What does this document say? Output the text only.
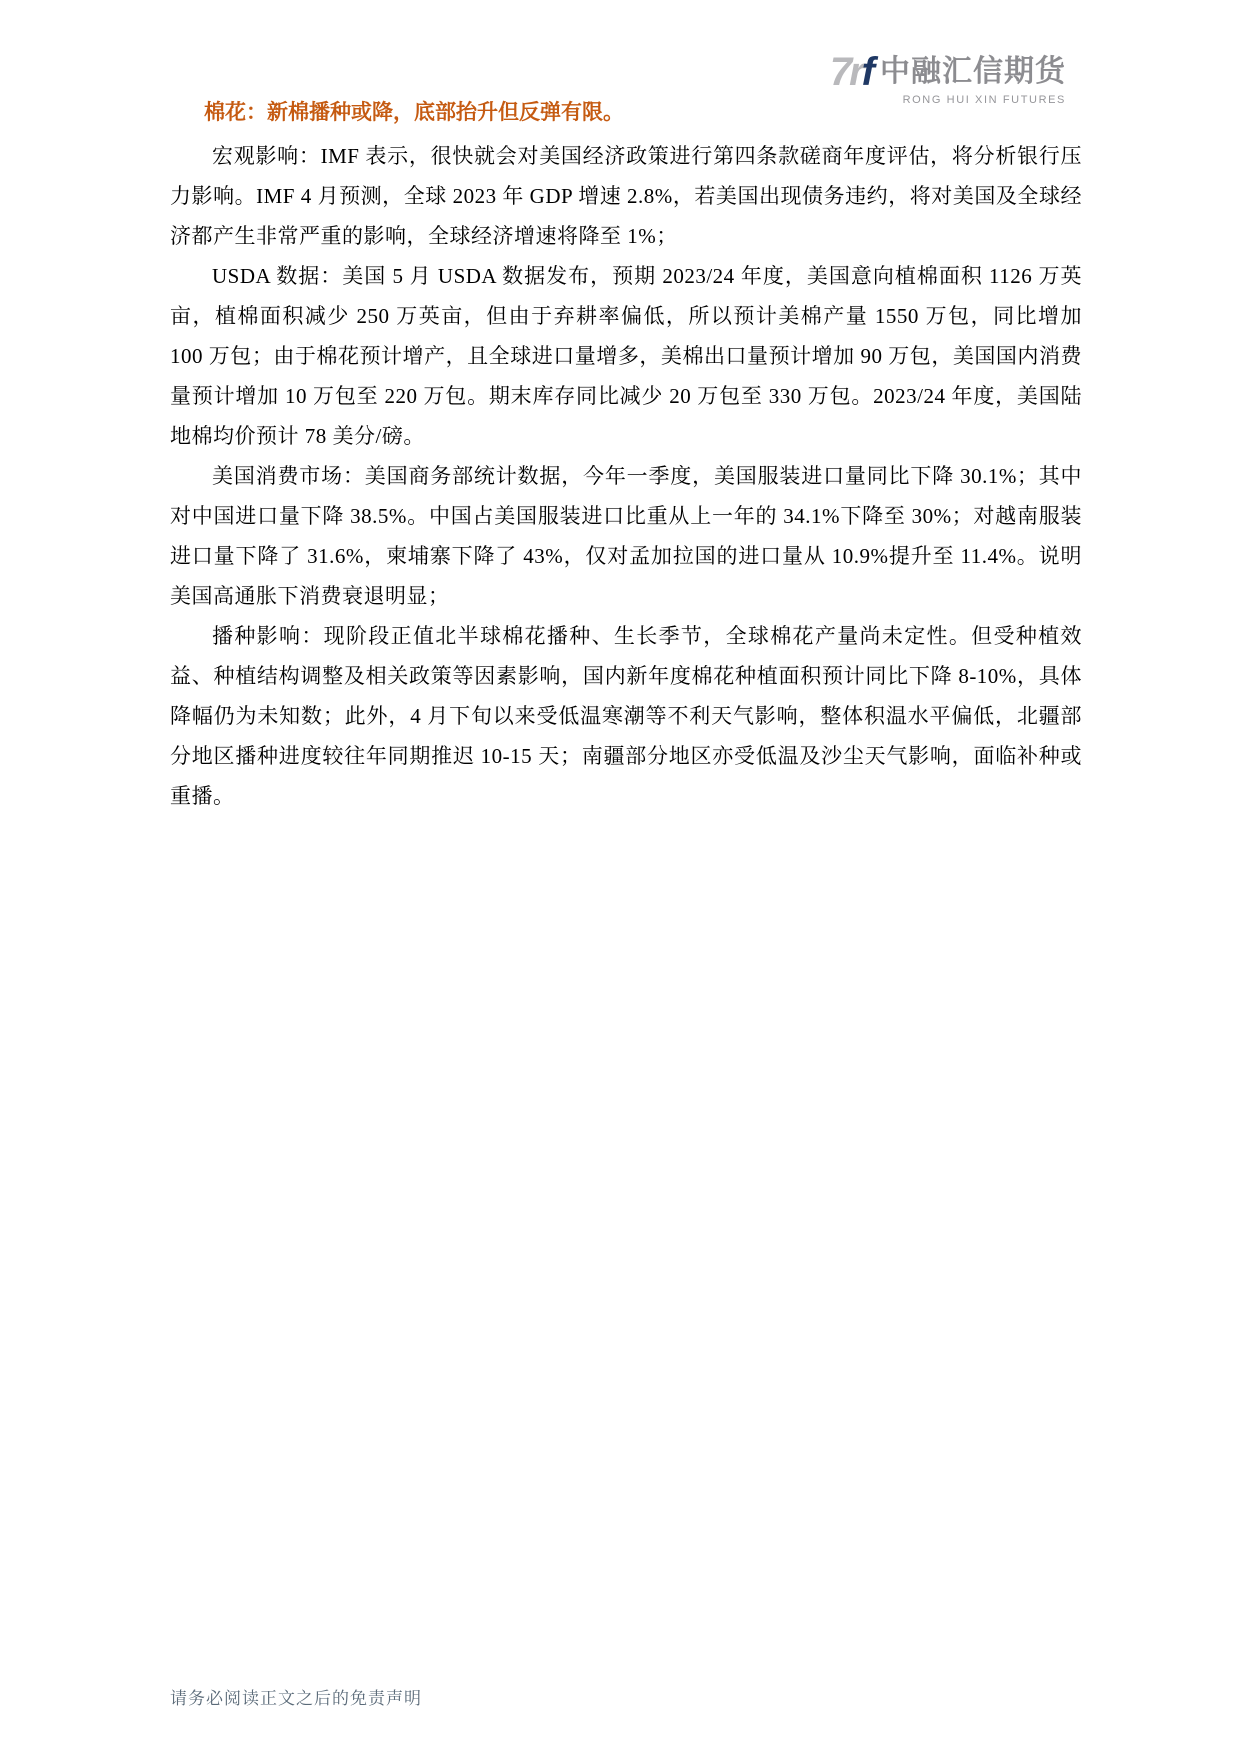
7rf 中融汇信期货
RONG HUI XIN FUTURES
棉花：新棉播种或降，底部抬升但反弹有限。

宏观影响：IMF 表示，很快就会对美国经济政策进行第四条款磋商年度评估，将分析银行压力影响。IMF 4 月预测，全球 2023 年 GDP 增速 2.8%，若美国出现债务违约，将对美国及全球经济都产生非常严重的影响，全球经济增速将降至 1%；

USDA 数据：美国 5 月 USDA 数据发布，预期 2023/24 年度，美国意向植棉面积 1126 万英亩，植棉面积减少 250 万英亩，但由于弃耕率偏低，所以预计美棉产量 1550 万包，同比增加 100 万包；由于棉花预计增产，且全球进口量增多，美棉出口量预计增加 90 万包，美国国内消费量预计增加 10 万包至 220 万包。期末库存同比减少 20 万包至 330 万包。2023/24 年度，美国陆地棉均价预计 78 美分/磅。

美国消费市场：美国商务部统计数据，今年一季度，美国服装进口量同比下降 30.1%；其中对中国进口量下降 38.5%。中国占美国服装进口比重从上一年的 34.1%下降至 30%；对越南服装进口量下降了 31.6%，柬埔寨下降了 43%，仅对孟加拉国的进口量从 10.9%提升至 11.4%。说明美国高通胀下消费衰退明显；

播种影响：现阶段正值北半球棉花播种、生长季节，全球棉花产量尚未定性。但受种植效益、种植结构调整及相关政策等因素影响，国内新年度棉花种植面积预计同比下降 8-10%，具体降幅仍为未知数；此外，4 月下旬以来受低温寒潮等不利天气影响，整体积温水平偏低，北疆部分地区播种进度较往年同期推迟 10-15 天；南疆部分地区亦受低温及沙尘天气影响，面临补种或重播。

请务必阅读正文之后的免责声明
